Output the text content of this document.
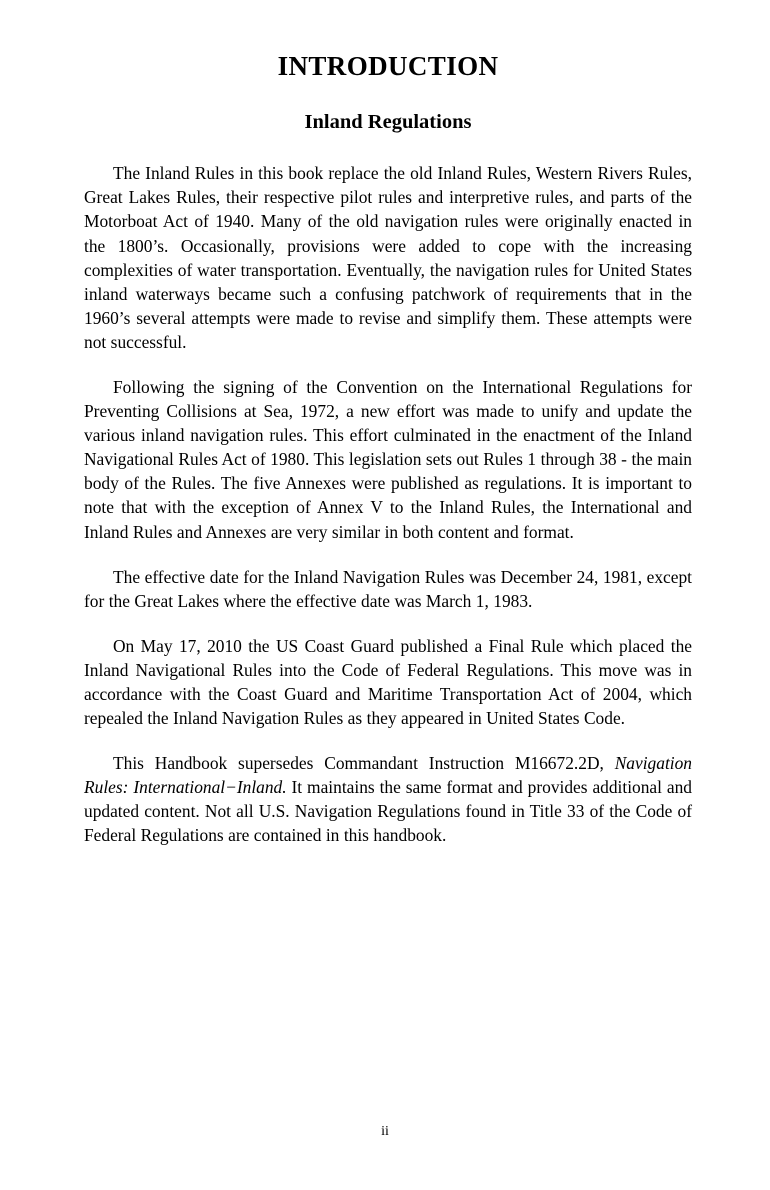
INTRODUCTION
Inland Regulations

The Inland Rules in this book replace the old Inland Rules, Western Rivers Rules, Great Lakes Rules, their respective pilot rules and interpretive rules, and parts of the Motorboat Act of 1940. Many of the old navigation rules were originally enacted in the 1800’s. Occasionally, provisions were added to cope with the increasing complexities of water transportation. Eventually, the navigation rules for United States inland waterways became such a confusing patchwork of requirements that in the 1960’s several attempts were made to revise and simplify them. These attempts were not successful.

Following the signing of the Convention on the International Regulations for Preventing Collisions at Sea, 1972, a new effort was made to unify and update the various inland navigation rules. This effort culminated in the enactment of the Inland Navigational Rules Act of 1980. This legislation sets out Rules 1 through 38 - the main body of the Rules. The five Annexes were published as regulations. It is important to note that with the exception of Annex V to the Inland Rules, the International and Inland Rules and Annexes are very similar in both content and format.

The effective date for the Inland Navigation Rules was December 24, 1981, except for the Great Lakes where the effective date was March 1, 1983.

On May 17, 2010 the US Coast Guard published a Final Rule which placed the Inland Navigational Rules into the Code of Federal Regulations. This move was in accordance with the Coast Guard and Maritime Transportation Act of 2004, which repealed the Inland Navigation Rules as they appeared in United States Code.

This Handbook supersedes Commandant Instruction M16672.2D, Navigation Rules: International−Inland. It maintains the same format and provides additional and updated content. Not all U.S. Navigation Regulations found in Title 33 of the Code of Federal Regulations are contained in this handbook.

ii
